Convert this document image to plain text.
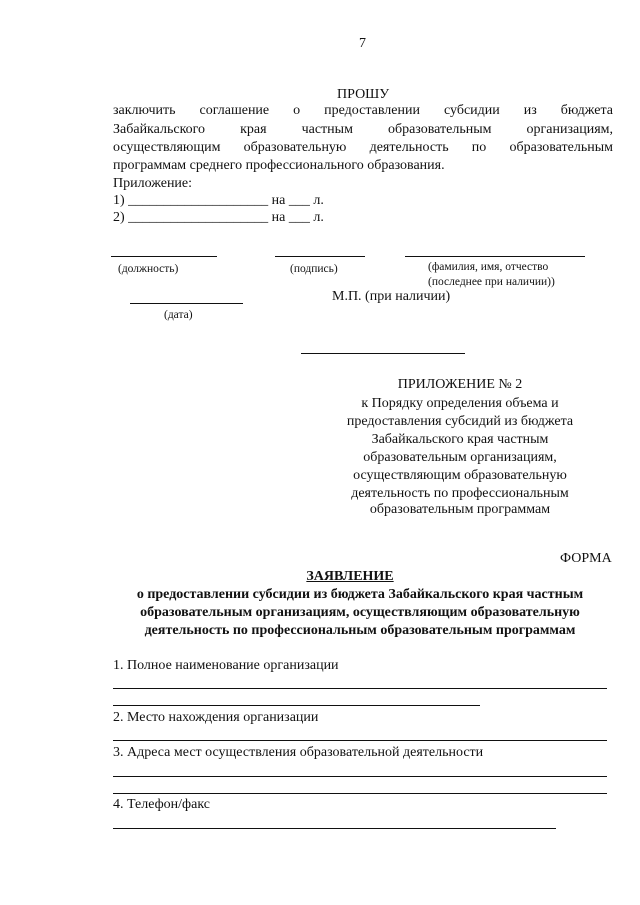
7
ПРОШУ
заключить соглашение о предоставлении субсидии из бюджета
Забайкальского края частным образовательным организациям,
осуществляющим образовательную деятельность по образовательным
программам среднего профессионального образования.
Приложение:
1) ____________________ на ___ л.
2) ____________________ на ___ л.
(должность)	(подпись)	(фамилия, имя, отчество
(последнее при наличии))
М.П. (при наличии)
(дата)
ПРИЛОЖЕНИЕ № 2
к Порядку определения объема и
предоставления субсидий из бюджета
Забайкальского края частным
образовательным организациям,
осуществляющим образовательную
деятельность по профессиональным
образовательным программам
ФОРМА
ЗАЯВЛЕНИЕ
о предоставлении субсидии из бюджета Забайкальского края частным
образовательным организациям, осуществляющим образовательную
деятельность по профессиональным образовательным программам
1. Полное наименование организации
2. Место нахождения организации
3. Адреса мест осуществления образовательной деятельности
4. Телефон/факс
